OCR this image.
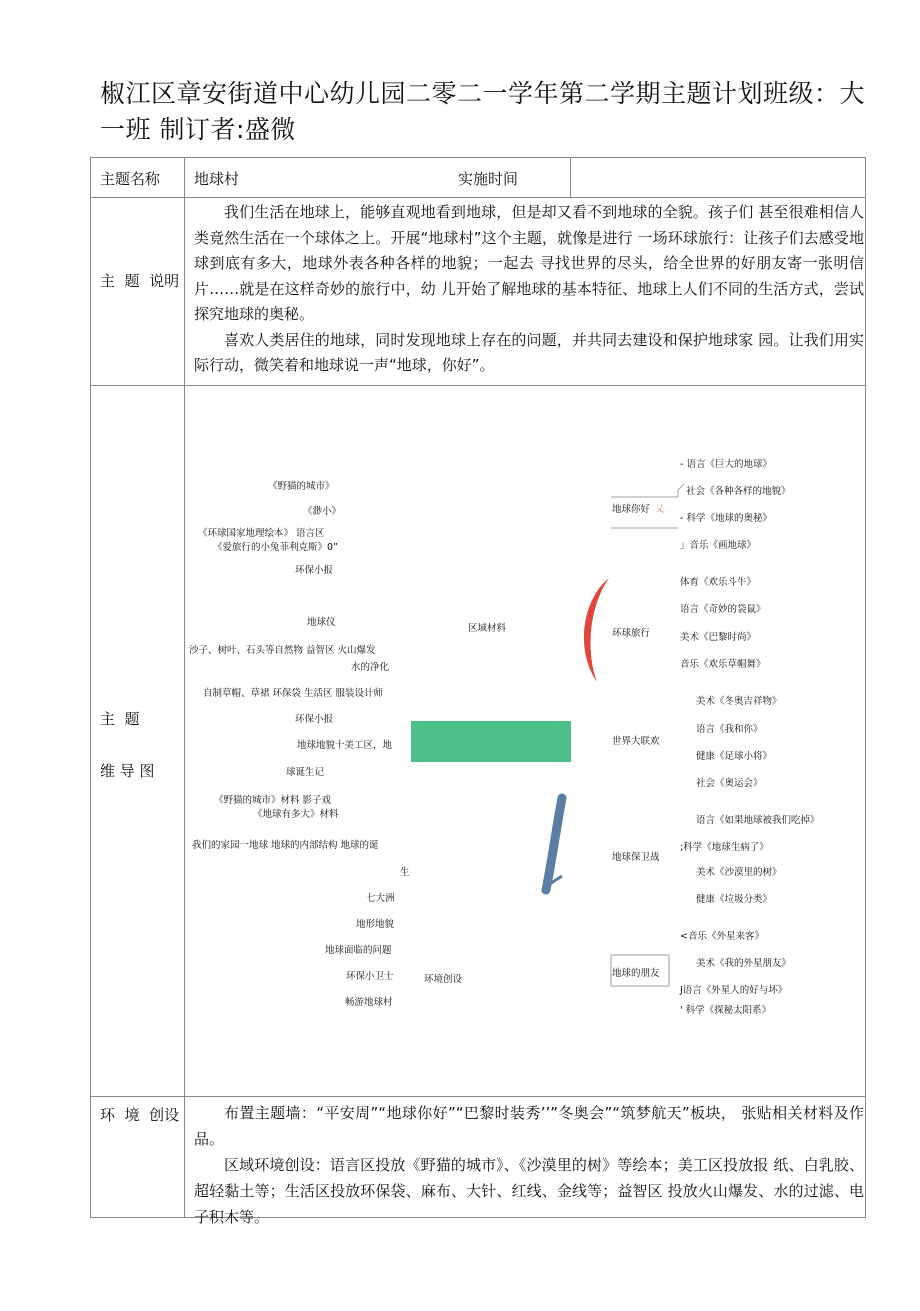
椒江区章安街道中心幼儿园二零二一学年第二学期主题计划班级：大一班 制订者:盛微
主题名称 地球村	实施时间
主  题  说明

我们生活在地球上，能够直观地看到地球，但是却又看不到地球的全貌。孩子们 甚至很难相信人类竟然生活在一个球体之上。开展“地球村”这个主题，就像是进行 一场环球旅行：让孩子们去感受地球到底有多大，地球外表各种各样的地貌；一起去 寻找世界的尽头，给全世界的好朋友寄一张明信片……就是在这样奇妙的旅行中，幼 儿开始了解地球的基本特征、地球上人们不同的生活方式，尝试探究地球的奥秘。

喜欢人类居住的地球，同时发现地球上存在的问题，并共同去建设和保护地球家 园。让我们用实际行动，微笑着和地球说一声“地球，你好”。

主  题
维 导 图
《野猫的城市》
《渺小》
《环球国家地理绘本》 语言区
《爱旅行的小兔菲利克斯》0”
环保小报
地球仪
沙子、树叶、石头等自然物 益智区 火山爆发
水的净化
自制草帽、草裙 环保袋 生活区 服装设计师
环保小报
地球地貌十美工区，地
球诞生记
《野猫的城市》材料 影子戏
《地球有多大》材料
我们的家园一地球 地球的内部结构 地球的诞
生
七大洲
地形地貌
地球面临的问题
环保小卫士
畅游地球村
区域材料
环境创设
地球你好 乂
- 语言《巨大的地球》
社会《各种各样的地貌》
- 科学《地球的奥秘》
」音乐《画地球》
环球旅行
体育《欢乐斗牛》
语言《奇妙的袋鼠》
美术《巴黎时尚》
音乐《欢乐草帽舞》
世界大联欢
美术《冬奥吉祥物》
语言《我和你》
健康《足球小将》
社会《奥运会》
地球保卫战
语言《如果地球被我们吃掉》
;科学《地球生病了》
美术《沙漠里的树》
健康《垃圾分类》
地球的朋友
<音乐《外星来客》
美术《我的外星朋友》
J语言《外星人的好与坏》
' 科学《探秘太阳系》
环  境  创设	布置主题墙：“平安周”“地球你好”“巴黎时装秀’’”冬奥会”“筑梦航天”板块， 张贴相关材料及作品。

区域环境创设：语言区投放《野猫的城市》、《沙漠里的树》等绘本；美工区投放报 纸、白乳胶、超轻黏土等；生活区投放环保袋、麻布、大针、红线、金线等；益智区 投放火山爆发、水的过滤、电子积木等。
